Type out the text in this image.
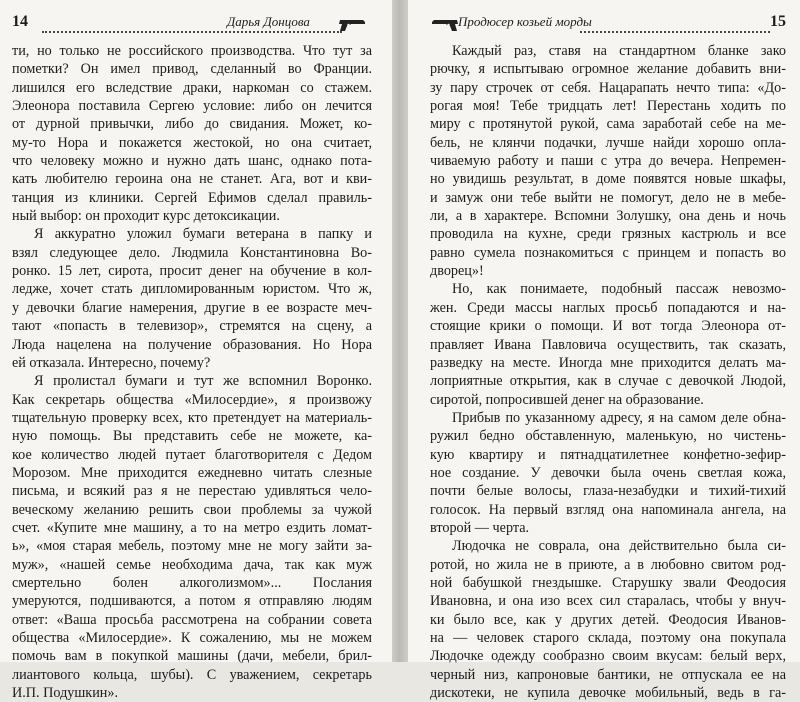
14	Дарья Донцова
ти, но только не российского производства. Что тут за
пометки? Он имел привод, сделанный во Франции.
лишился его вследствие драки, наркоман со стажем.
Элеонора поставила Сергею условие: либо он лечится
от дурной привычки, либо до свидания. Может, ко-
му-то Нора и покажется жестокой, но она считает,
что человеку можно и нужно дать шанс, однако пота-
кать любителю героина она не станет. Ага, вот и кви-
танция из клиники. Сергей Ефимов сделал правиль-
ный выбор: он проходит курс детоксикации.
Я аккуратно уложил бумаги ветерана в папку и
взял следующее дело. Людмила Константиновна Во-
ронко. 15 лет, сирота, просит денег на обучение в кол-
ледже, хочет стать дипломированным юристом. Что ж,
у девочки благие намерения, другие в ее возрасте меч-
тают «попасть в телевизор», стремятся на сцену, а
Люда нацелена на получение образования. Но Нора
ей отказала. Интересно, почему?
Я пролистал бумаги и тут же вспомнил Воронко.
Как секретарь общества «Милосердие», я произвожу
тщательную проверку всех, кто претендует на материаль-
ную помощь. Вы представить себе не можете, ка-
кое количество людей путает благотворителя с Дедом
Морозом. Мне приходится ежедневно читать слезные
письма, и всякий раз я не перестаю удивляться чело-
веческому желанию решить свои проблемы за чужой
счет. «Купите мне машину, а то на метро ездить ломат-
ь», «моя старая мебель, поэтому мне не могу зайти за-
муж», «нашей семье необходима дача, так как муж
смертельно болен алкоголизмом»... Послания
умеруются, подшиваются, а потом я отправляю людям
ответ: «Ваша просьба рассмотрена на собрании совета
общества «Милосердие». К сожалению, мы не можем
помочь вам в покупкой машины (дачи, мебели, брил-
лиантового кольца, шубы). С уважением, секретарь
И.П. Подушкин».
Продюсер козьей морды	15
Каждый раз, ставя на стандартном бланке зако
рючку, я испытываю огромное желание добавить вни-
зу пару строчек от себя. Нацарапать нечто типа: «До-
рогая моя! Тебе тридцать лет! Перестань ходить по
миру с протянутой рукой, сама заработай себе на ме-
бель, не клянчи подачки, лучше найди хорошо опла-
чиваемую работу и паши с утра до вечера. Непремен-
но увидишь результат, в доме появятся новые шкафы,
и замуж они тебе выйти не помогут, дело не в мебе-
ли, а в характере. Вспомни Золушку, она день и ночь
проводила на кухне, среди грязных кастрюль и все
равно сумела познакомиться с принцем и попасть во
дворец»!
Но, как понимаете, подобный пассаж невозмо-
жен. Среди массы наглых просьб попадаются и на-
стоящие крики о помощи. И вот тогда Элеонора от-
правляет Ивана Павловича осуществить, так сказать,
разведку на месте. Иногда мне приходится делать ма-
лоприятные открытия, как в случае с девочкой Людой,
сиротой, попросившей денег на образование.
Прибыв по указанному адресу, я на самом деле обна-
ружил бедно обставленную, маленькую, но чистень-
кую квартиру и пятнадцатилетнее конфетно-зефир-
ное создание. У девочки была очень светлая кожа,
почти белые волосы, глаза-незабудки и тихий-тихий
голосок. На первый взгляд она напоминала ангела, на
второй — черта.
Людочка не соврала, она действительно была си-
ротой, но жила не в приюте, а в любовно свитом род-
ной бабушкой гнездышке. Старушку звали Феодосия
Ивановна, и она изо всех сил старалась, чтобы у внуч-
ки было все, как у других детей. Феодосия Иванов-
на — человек старого склада, поэтому она покупала
Людочке одежду сообразно своим вкусам: белый верх,
черный низ, капроновые бантики, не отпускала ее на
дискотеки, не купила девочке мобильный, ведь в га-
